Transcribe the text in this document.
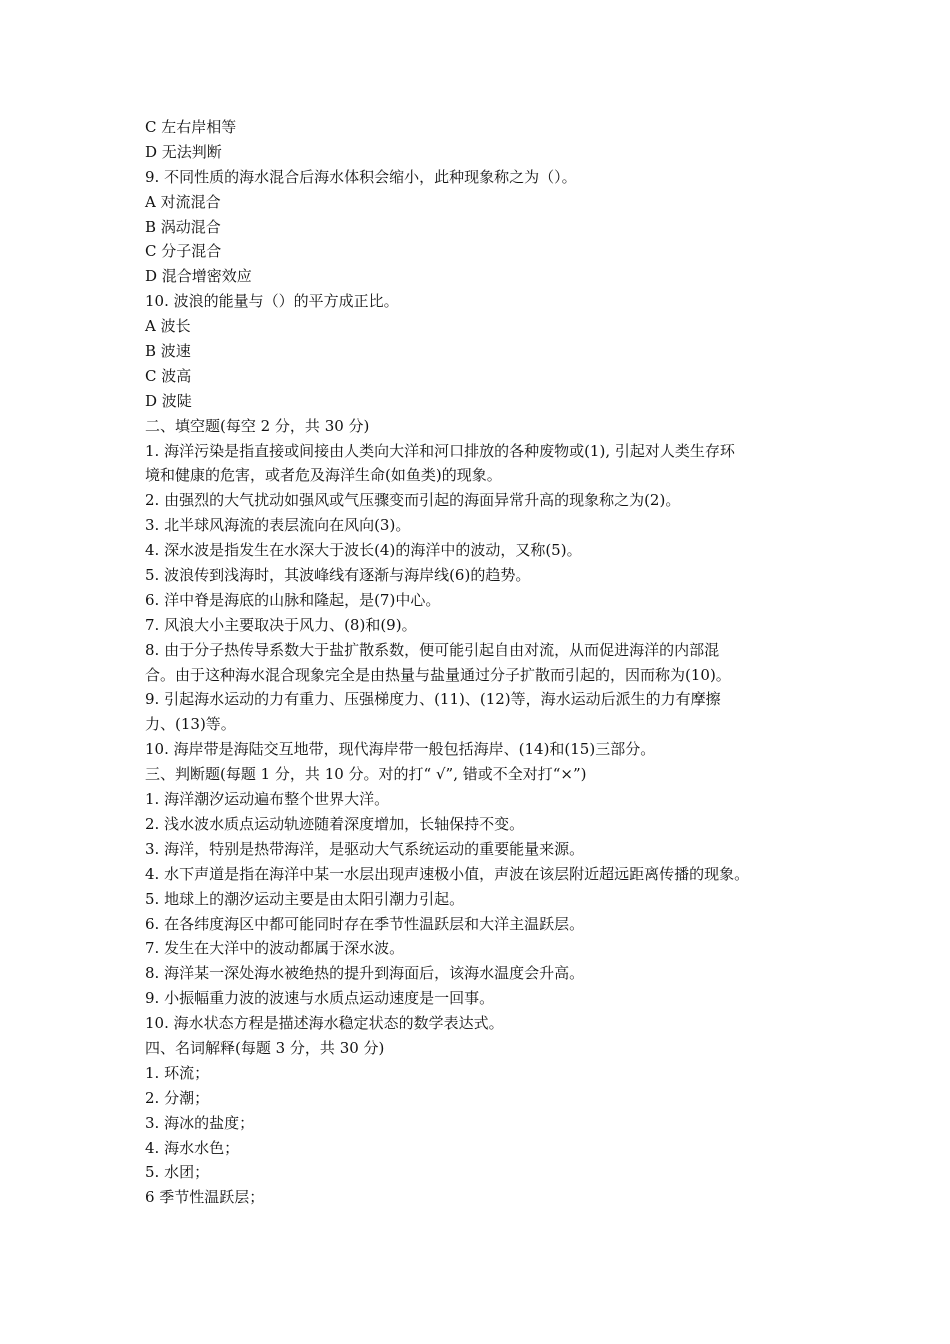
C 左右岸相等
D 无法判断
9. 不同性质的海水混合后海水体积会缩小，此种现象称之为（）。
A 对流混合
B 涡动混合
C 分子混合
D 混合增密效应
10. 波浪的能量与（）的平方成正比。
A 波长
B 波速
C 波高
D 波陡
二、填空题(每空 2 分，共 30 分)
1. 海洋污染是指直接或间接由人类向大洋和河口排放的各种废物或(1), 引起对人类生存环
境和健康的危害，或者危及海洋生命(如鱼类)的现象。
2. 由强烈的大气扰动如强风或气压骤变而引起的海面异常升高的现象称之为(2)。
3. 北半球风海流的表层流向在风向(3)。
4. 深水波是指发生在水深大于波长(4)的海洋中的波动，又称(5)。
5. 波浪传到浅海时，其波峰线有逐渐与海岸线(6)的趋势。
6. 洋中脊是海底的山脉和隆起，是(7)中心。
7. 风浪大小主要取决于风力、(8)和(9)。
8. 由于分子热传导系数大于盐扩散系数，便可能引起自由对流，从而促进海洋的内部混
合。由于这种海水混合现象完全是由热量与盐量通过分子扩散而引起的，因而称为(10)。
9. 引起海水运动的力有重力、压强梯度力、(11)、(12)等，海水运动后派生的力有摩擦
力、(13)等。
10. 海岸带是海陆交互地带，现代海岸带一般包括海岸、(14)和(15)三部分。
三、判断题(每题 1 分，共 10 分。对的打“ √”, 错或不全对打“×”)
1. 海洋潮汐运动遍布整个世界大洋。
2. 浅水波水质点运动轨迹随着深度增加，长轴保持不变。
3. 海洋，特别是热带海洋，是驱动大气系统运动的重要能量来源。
4. 水下声道是指在海洋中某一水层出现声速极小值，声波在该层附近超远距离传播的现象。
5. 地球上的潮汐运动主要是由太阳引潮力引起。
6. 在各纬度海区中都可能同时存在季节性温跃层和大洋主温跃层。
7. 发生在大洋中的波动都属于深水波。
8. 海洋某一深处海水被绝热的提升到海面后，该海水温度会升高。
9. 小振幅重力波的波速与水质点运动速度是一回事。
10. 海水状态方程是描述海水稳定状态的数学表达式。
四、名词解释(每题 3 分，共 30 分)
1. 环流；
2. 分潮；
3. 海冰的盐度；
4. 海水水色；
5. 水团；
6 季节性温跃层；
